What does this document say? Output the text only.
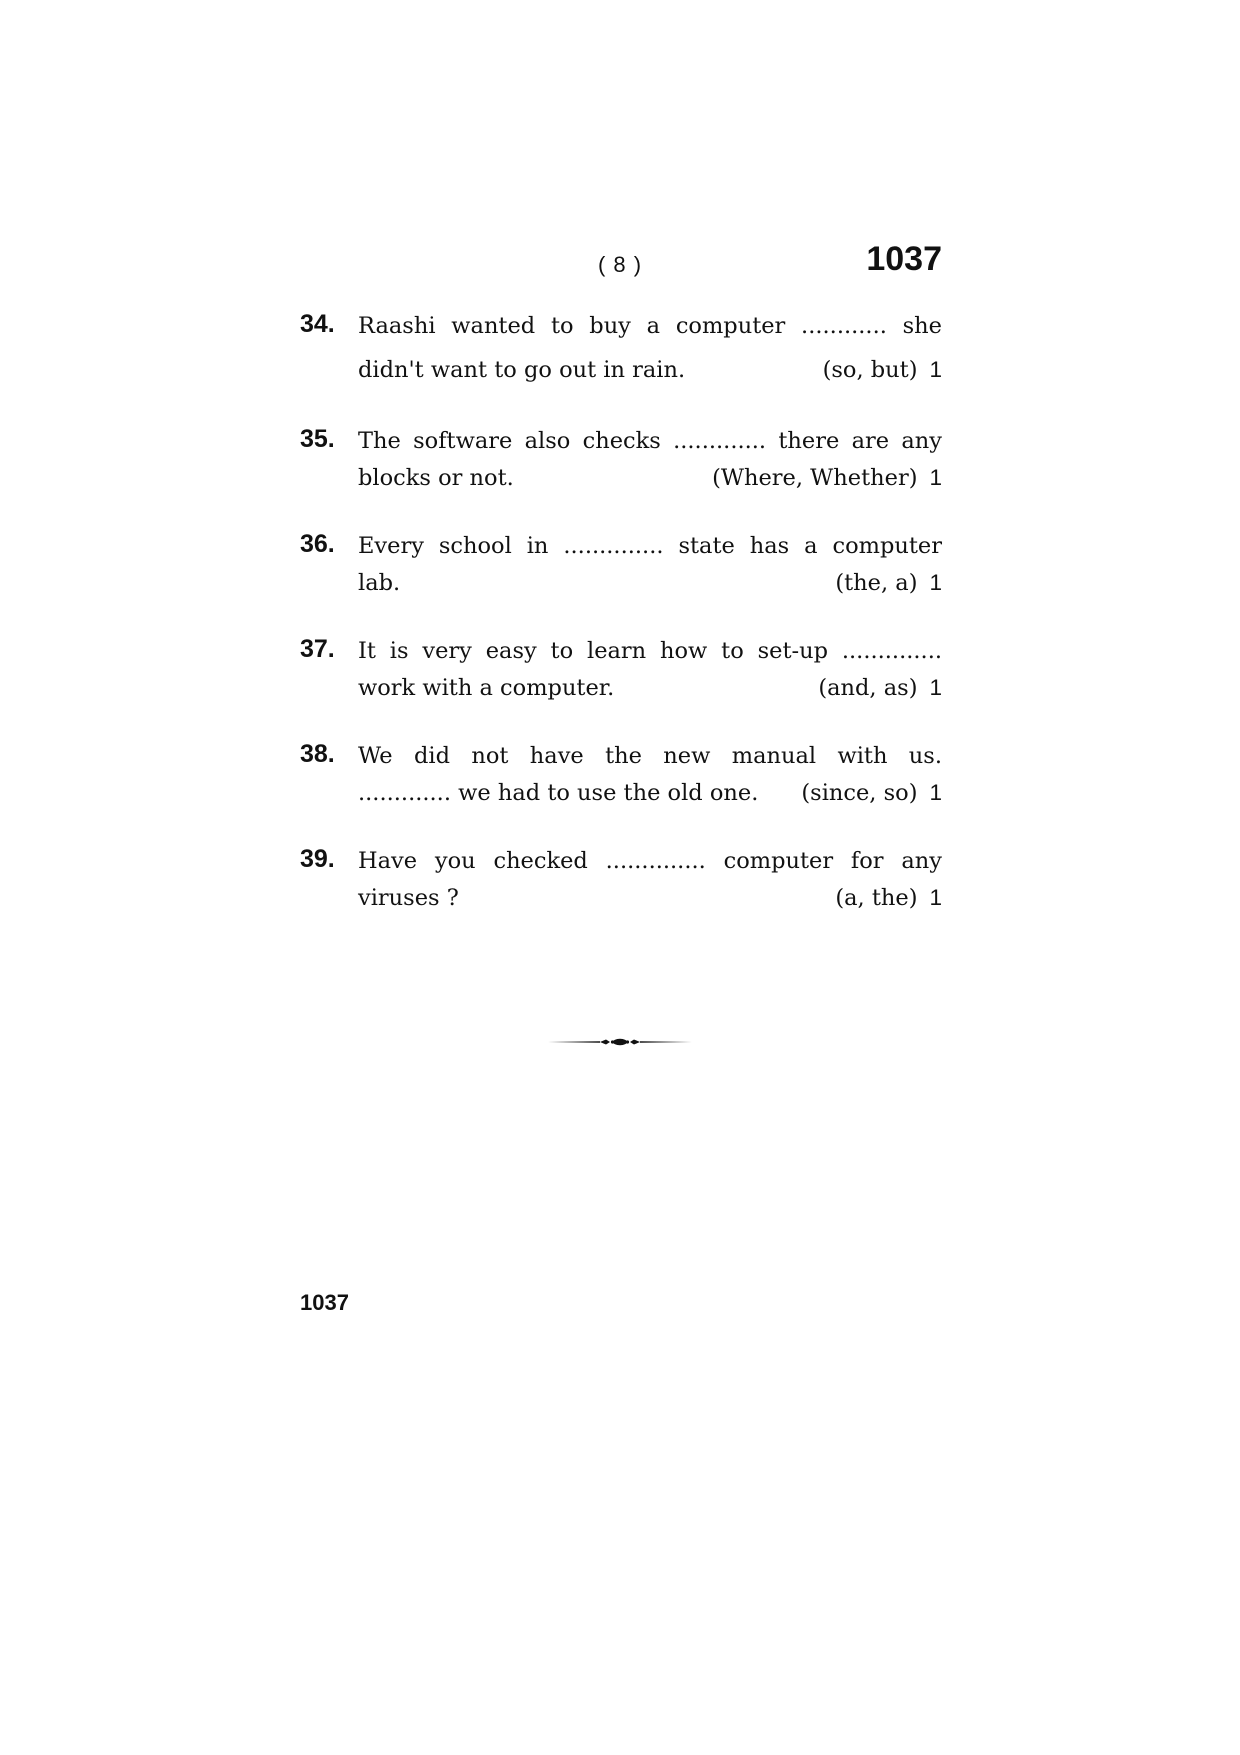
( 8 )	1037
34. Raashi wanted to buy a computer ............ she
didn't want to go out in rain.	(so, but) 1
35. The software also checks ............. there are any
blocks or not.	(Where, Whether) 1
36. Every school in .............. state has a computer
lab.	(the, a) 1
37. It is very easy to learn how to set-up ..............
work with a computer.	(and, as) 1
38. We did not have the new manual with us.
............. we had to use the old one. (since, so) 1
39. Have you checked .............. computer for any
viruses ?	(a, the) 1
1037
